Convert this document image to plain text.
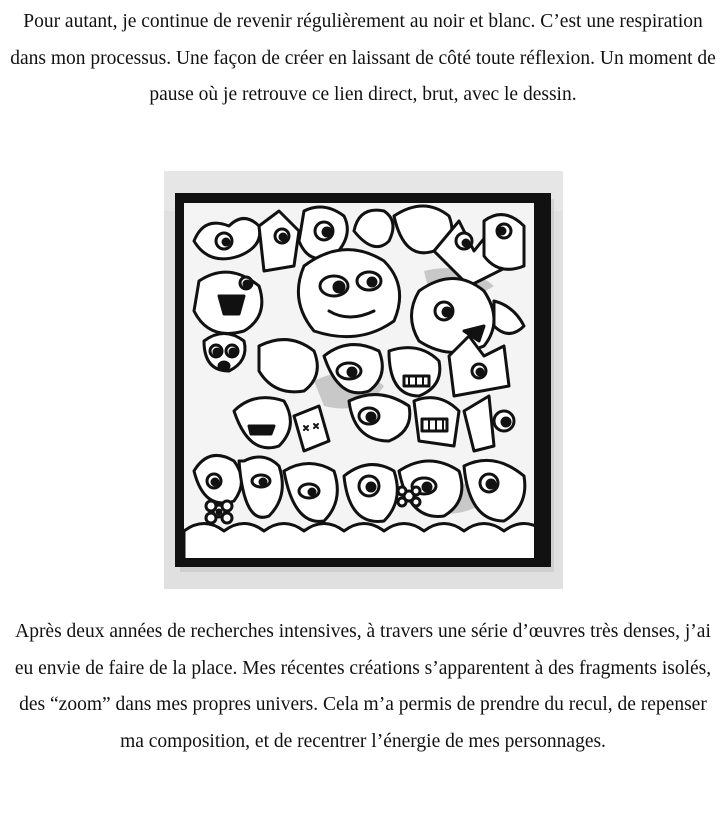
Pour autant, je continue de revenir régulièrement au noir et blanc. C’est une respiration dans mon processus. Une façon de créer en laissant de côté toute réflexion. Un moment de pause où je retrouve ce lien direct, brut, avec le dessin.

Après deux années de recherches intensives, à travers une série d’œuvres très denses, j’ai eu envie de faire de la place. Mes récentes créations s’apparentent à des fragments isolés, des “zoom” dans mes propres univers. Cela m’a permis de prendre du recul, de repenser ma composition, et de recentrer l’énergie de mes personnages.
